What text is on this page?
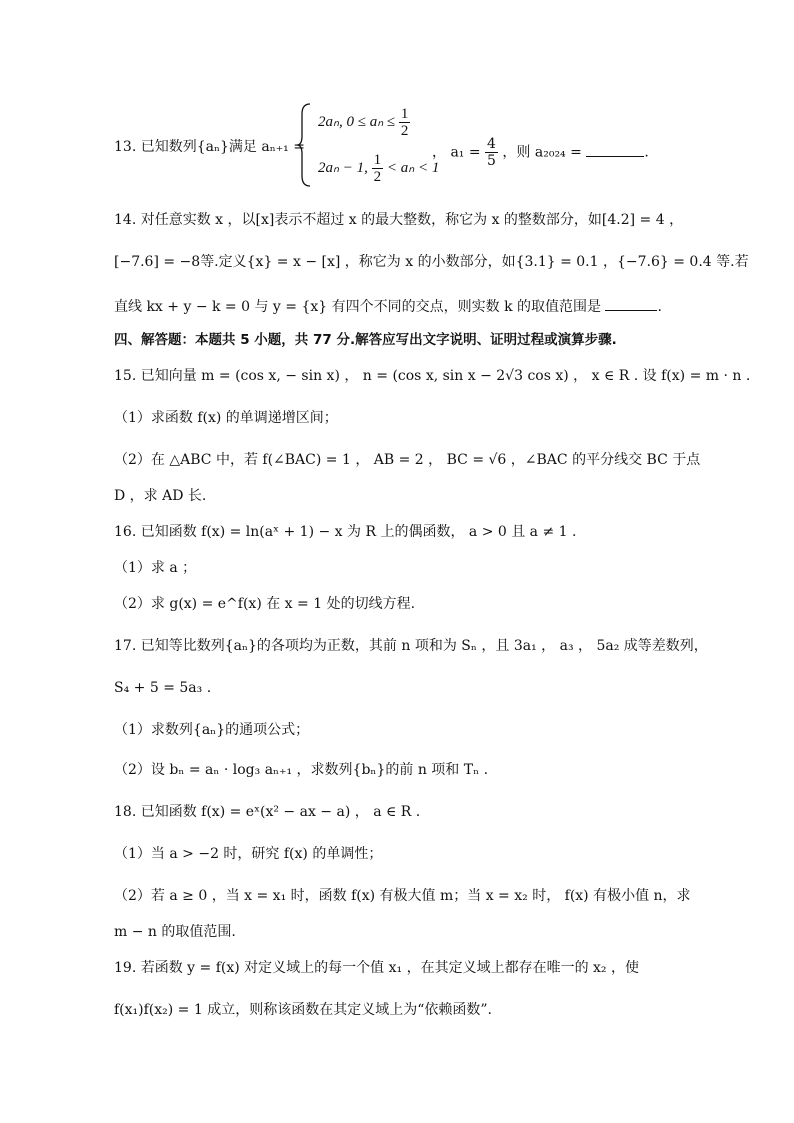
13. 已知数列{aₙ}满足 aₙ₊₁ =
2aₙ, $0 \le a_n \le \frac{1}{2}$
2aₙ − 1, $\frac{1}{2} < a_n < 1$
， $a_1 = \frac{4}{5}$ ，则 a₂₀₂₄ =	.
14. 对任意实数 x ，以[x]表示不超过 x 的最大整数，称它为 x 的整数部分，如[4.2] = 4 ，
[−7.6] = −8等.定义{x} = x − [x] ，称它为 x 的小数部分，如{3.1} = 0.1 ，{−7.6} = 0.4 等.若
直线 kx + y − k = 0 与 y = {x} 有四个不同的交点，则实数 k 的取值范围是	.
四、解答题：本题共 5 小题，共 77 分.解答应写出文字说明、证明过程或演算步骤.
15. 已知向量 m = (cos x, − sin x) ， n = (cos x, sin x − 2√3 cos x) ， x ∈ R . 设 f(x) = m · n .
（1）求函数 f(x) 的单调递增区间；
（2）在 △ABC 中，若 f(∠BAC) = 1 ， AB = 2 ， BC = √6 ，∠BAC 的平分线交 BC 于点
D ，求 AD 长.
16. 已知函数 f(x) = ln(aˣ + 1) − x 为 R 上的偶函数， a > 0 且 a ≠ 1 .
（1）求 a ；
（2）求 g(x) = e^f(x) 在 x = 1 处的切线方程.
17. 已知等比数列{aₙ}的各项均为正数，其前 n 项和为 Sₙ ，且 3a₁ ， a₃ ， 5a₂ 成等差数列，
S₄ + 5 = 5a₃ .
（1）求数列{aₙ}的通项公式；
（2）设 bₙ = aₙ · log₃ aₙ₊₁ ，求数列{bₙ}的前 n 项和 Tₙ .
18. 已知函数 f(x) = eˣ(x² − ax − a) ， a ∈ R .
（1）当 a > −2 时，研究 f(x) 的单调性；
（2）若 a ≥ 0 ，当 x = x₁ 时，函数 f(x) 有极大值 m；当 x = x₂ 时， f(x) 有极小值 n，求
m − n 的取值范围.
19. 若函数 y = f(x) 对定义域上的每一个值 x₁ ，在其定义域上都存在唯一的 x₂ ，使
f(x₁)f(x₂) = 1 成立，则称该函数在其定义域上为“依赖函数”.
